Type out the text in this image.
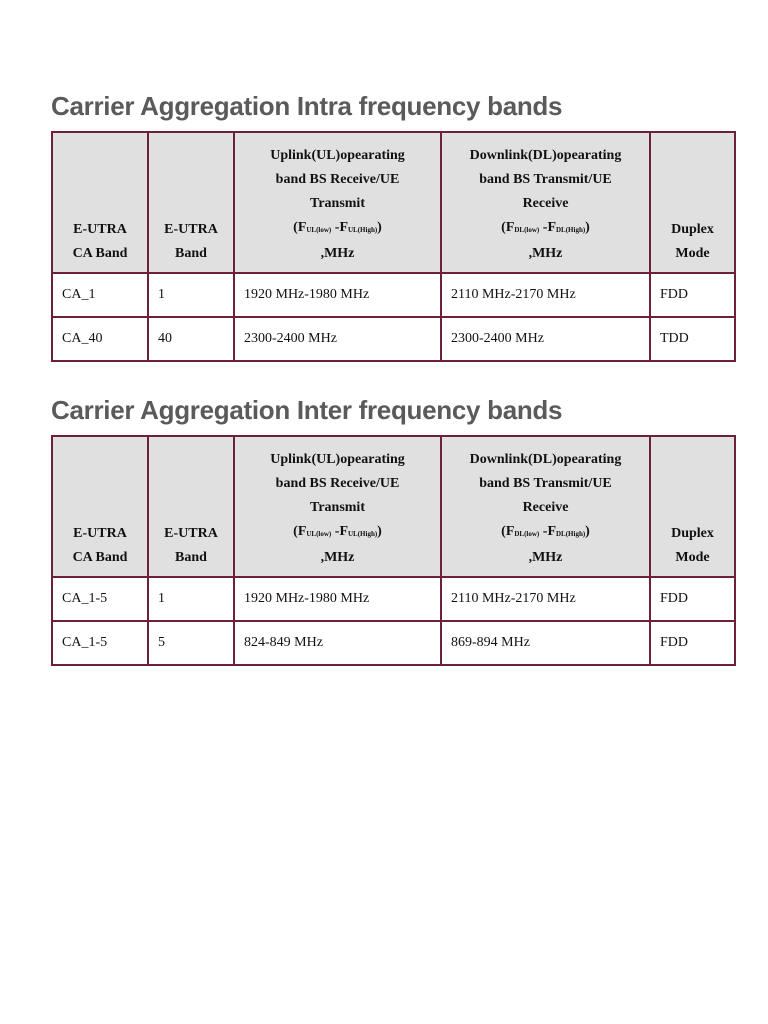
Carrier Aggregation Intra frequency bands
E-UTRA
CA Band	E-UTRA
Band	Uplink(UL)opearating
band BS Receive/UE
Transmit
($F_{UL(low)}$ $-F_{UL(High)}$)
,MHz	Downlink(DL)opearating
band BS Transmit/UE
Receive
($F_{DL(low)}$ $-F_{DL(High)}$)
,MHz	Duplex
Mode

CA_1	1	1920 MHz-1980 MHz	2110 MHz-2170 MHz	FDD
CA_40	40	2300-2400 MHz	2300-2400 MHz	TDD
Carrier Aggregation Inter frequency bands
E-UTRA
CA Band	E-UTRA
Band	Uplink(UL)opearating
band BS Receive/UE
Transmit
($F_{UL(low)}$ $-F_{UL(High)}$)
,MHz	Downlink(DL)opearating
band BS Transmit/UE
Receive
($F_{DL(low)}$ $-F_{DL(High)}$)
,MHz	Duplex
Mode

CA_1-5	1	1920 MHz-1980 MHz	2110 MHz-2170 MHz	FDD
CA_1-5	5	824-849 MHz	869-894 MHz	FDD
